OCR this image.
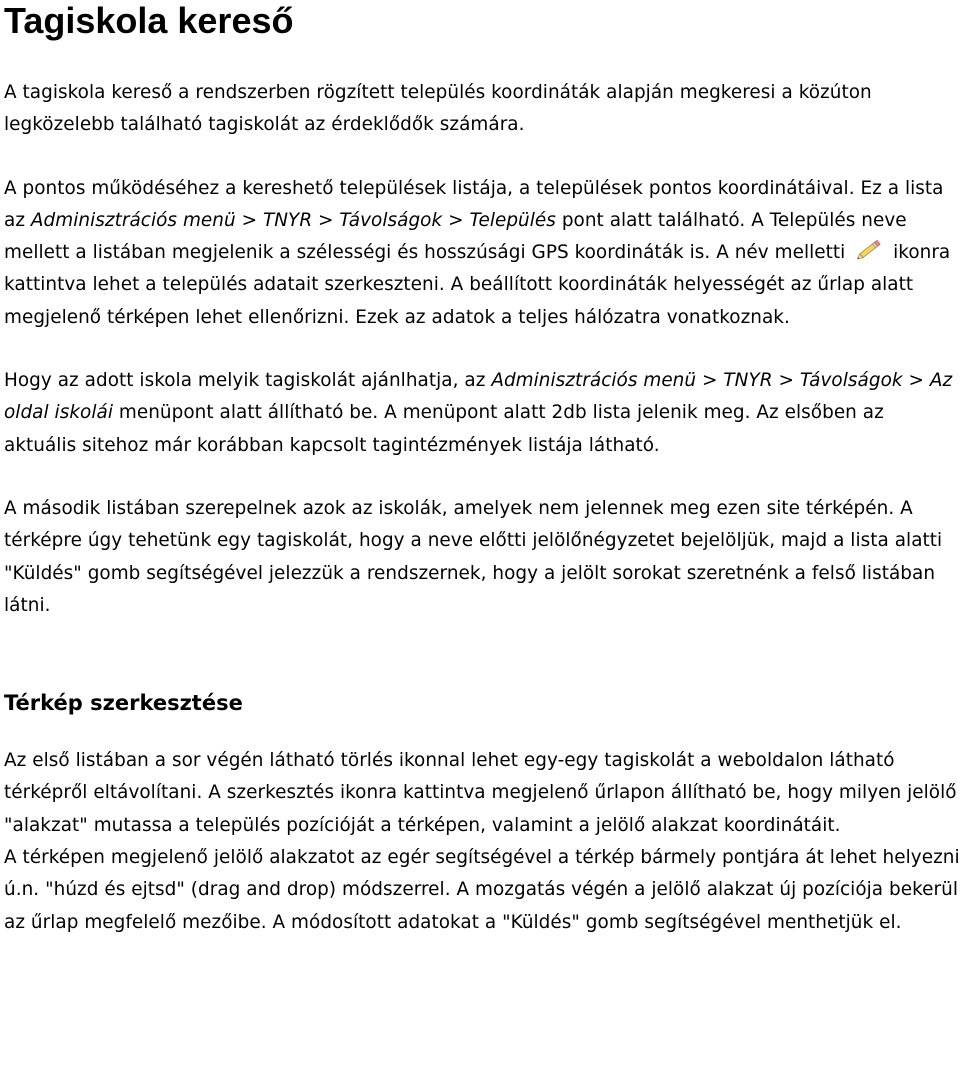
Tagiskola kereső

A tagiskola kereső a rendszerben rögzített település koordináták alapján megkeresi a közúton legközelebb található tagiskolát az érdeklődők számára.

A pontos működéséhez a kereshető települések listája, a települések pontos koordinátáival. Ez a lista az Adminisztrációs menü > TNYR > Távolságok > Település pont alatt található. A Település neve mellett a listában megjelenik a szélességi és hosszúsági GPS koordináták is. A név melletti
ikonra kattintva lehet a település adatait szerkeszteni. A beállított koordináták helyességét az űrlap alatt megjelenő térképen lehet ellenőrizni. Ezek az adatok a teljes hálózatra vonatkoznak.

Hogy az adott iskola melyik tagiskolát ajánlhatja, az Adminisztrációs menü > TNYR > Távolságok > Az oldal iskolái menüpont alatt állítható be. A menüpont alatt 2db lista jelenik meg. Az elsőben az aktuális sitehoz már korábban kapcsolt tagintézmények listája látható.

A második listában szerepelnek azok az iskolák, amelyek nem jelennek meg ezen site térképén. A térképre úgy tehetünk egy tagiskolát, hogy a neve előtti jelölőnégyzetet bejelöljük, majd a lista alatti "Küldés" gomb segítségével jelezzük a rendszernek, hogy a jelölt sorokat szeretnénk a felső listában látni.

Térkép szerkesztése

Az első listában a sor végén látható törlés ikonnal lehet egy-egy tagiskolát a weboldalon látható térképről eltávolítani. A szerkesztés ikonra kattintva megjelenő űrlapon állítható be, hogy milyen jelölő "alakzat" mutassa a település pozícióját a térképen, valamint a jelölő alakzat koordinátáit.

A térképen megjelenő jelölő alakzatot az egér segítségével a térkép bármely pontjára át lehet helyezni ú.n. "húzd és ejtsd" (drag and drop) módszerrel. A mozgatás végén a jelölő alakzat új pozíciója bekerül az űrlap megfelelő mezőibe. A módosított adatokat a "Küldés" gomb segítségével menthetjük el.
